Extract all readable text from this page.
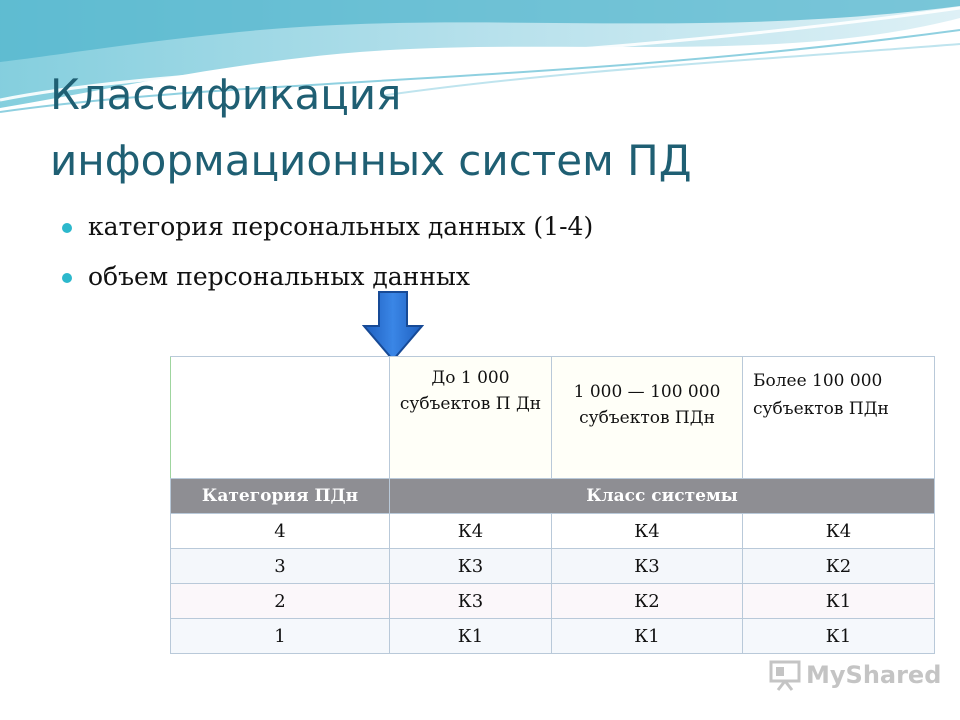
Классификация
информационных систем ПД
категория персональных данных (1-4)
объем персональных данных

	До 1 000 субъектов П Дн	1 000 — 100 000 субъектов ПДн	Более 100 000 субъектов ПДн

Категория ПДн	Класс системы		
4	К4	К4	К4
3	К3	К3	К2
2	К3	К2	К1
1	К1	К1	К1
MyShared
